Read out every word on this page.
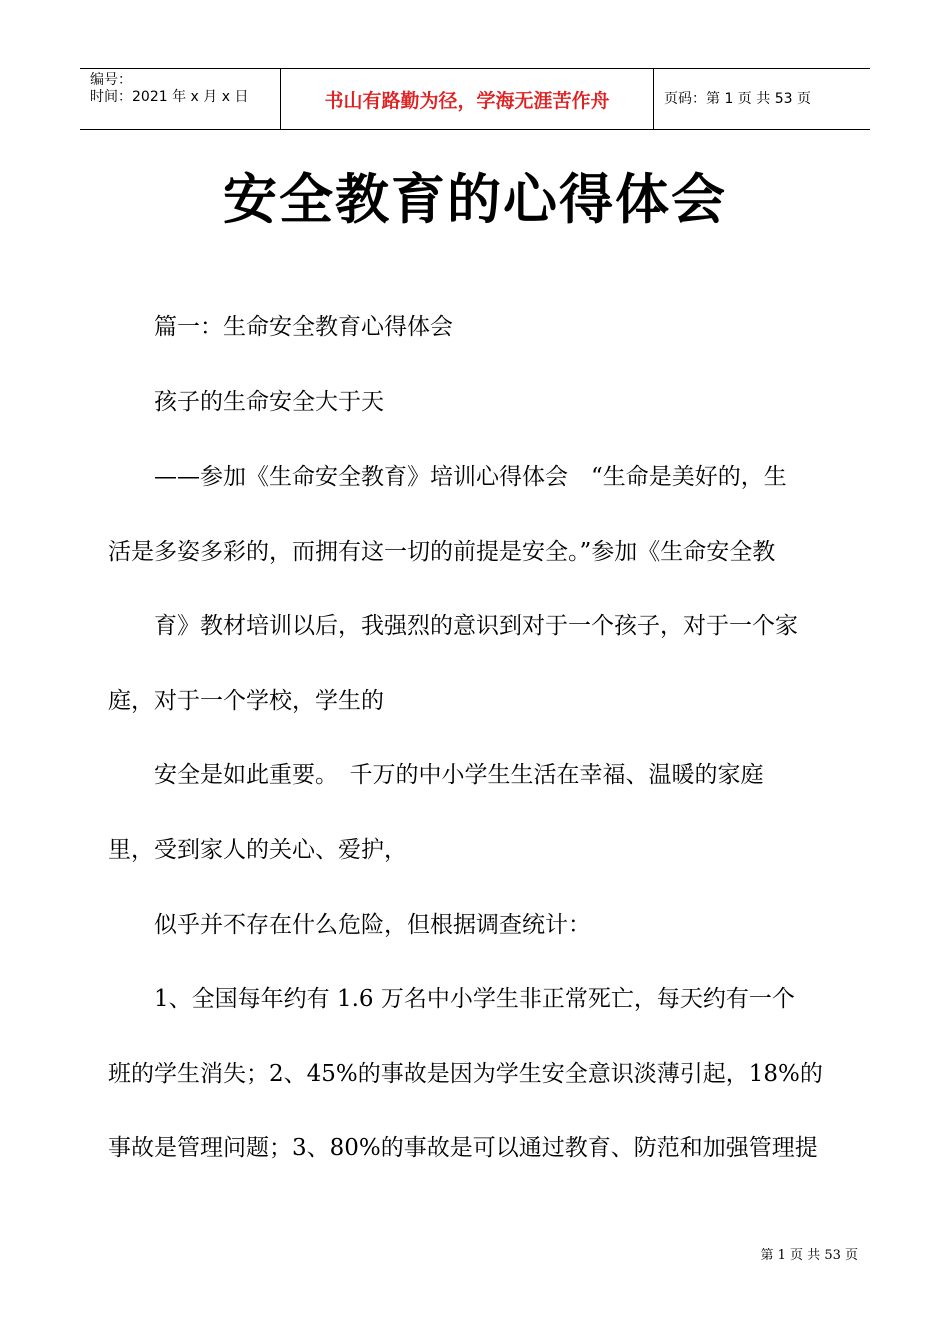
编号：
时间：2021 年 x 月 x 日	书山有路勤为径，学海无涯苦作舟	页码：第 1 页 共 53 页
安全教育的心得体会
　　篇一：生命安全教育心得体会
　　孩子的生命安全大于天
　　——参加《生命安全教育》培训心得体会　“生命是美好的，生
活是多姿多彩的，而拥有这一切的前提是安全。”参加《生命安全教
　　育》教材培训以后，我强烈的意识到对于一个孩子，对于一个家
庭，对于一个学校，学生的
　　安全是如此重要。　千万的中小学生生活在幸福、温暖的家庭
里，受到家人的关心、爱护，
　　似乎并不存在什么危险，但根据调查统计：
　　1、全国每年约有 1.6 万名中小学生非正常死亡，每天约有一个
班的学生消失；2、45%的事故是因为学生安全意识淡薄引起，18%的
事故是管理问题；3、80%的事故是可以通过教育、防范和加强管理提
第 1 页 共 53 页
